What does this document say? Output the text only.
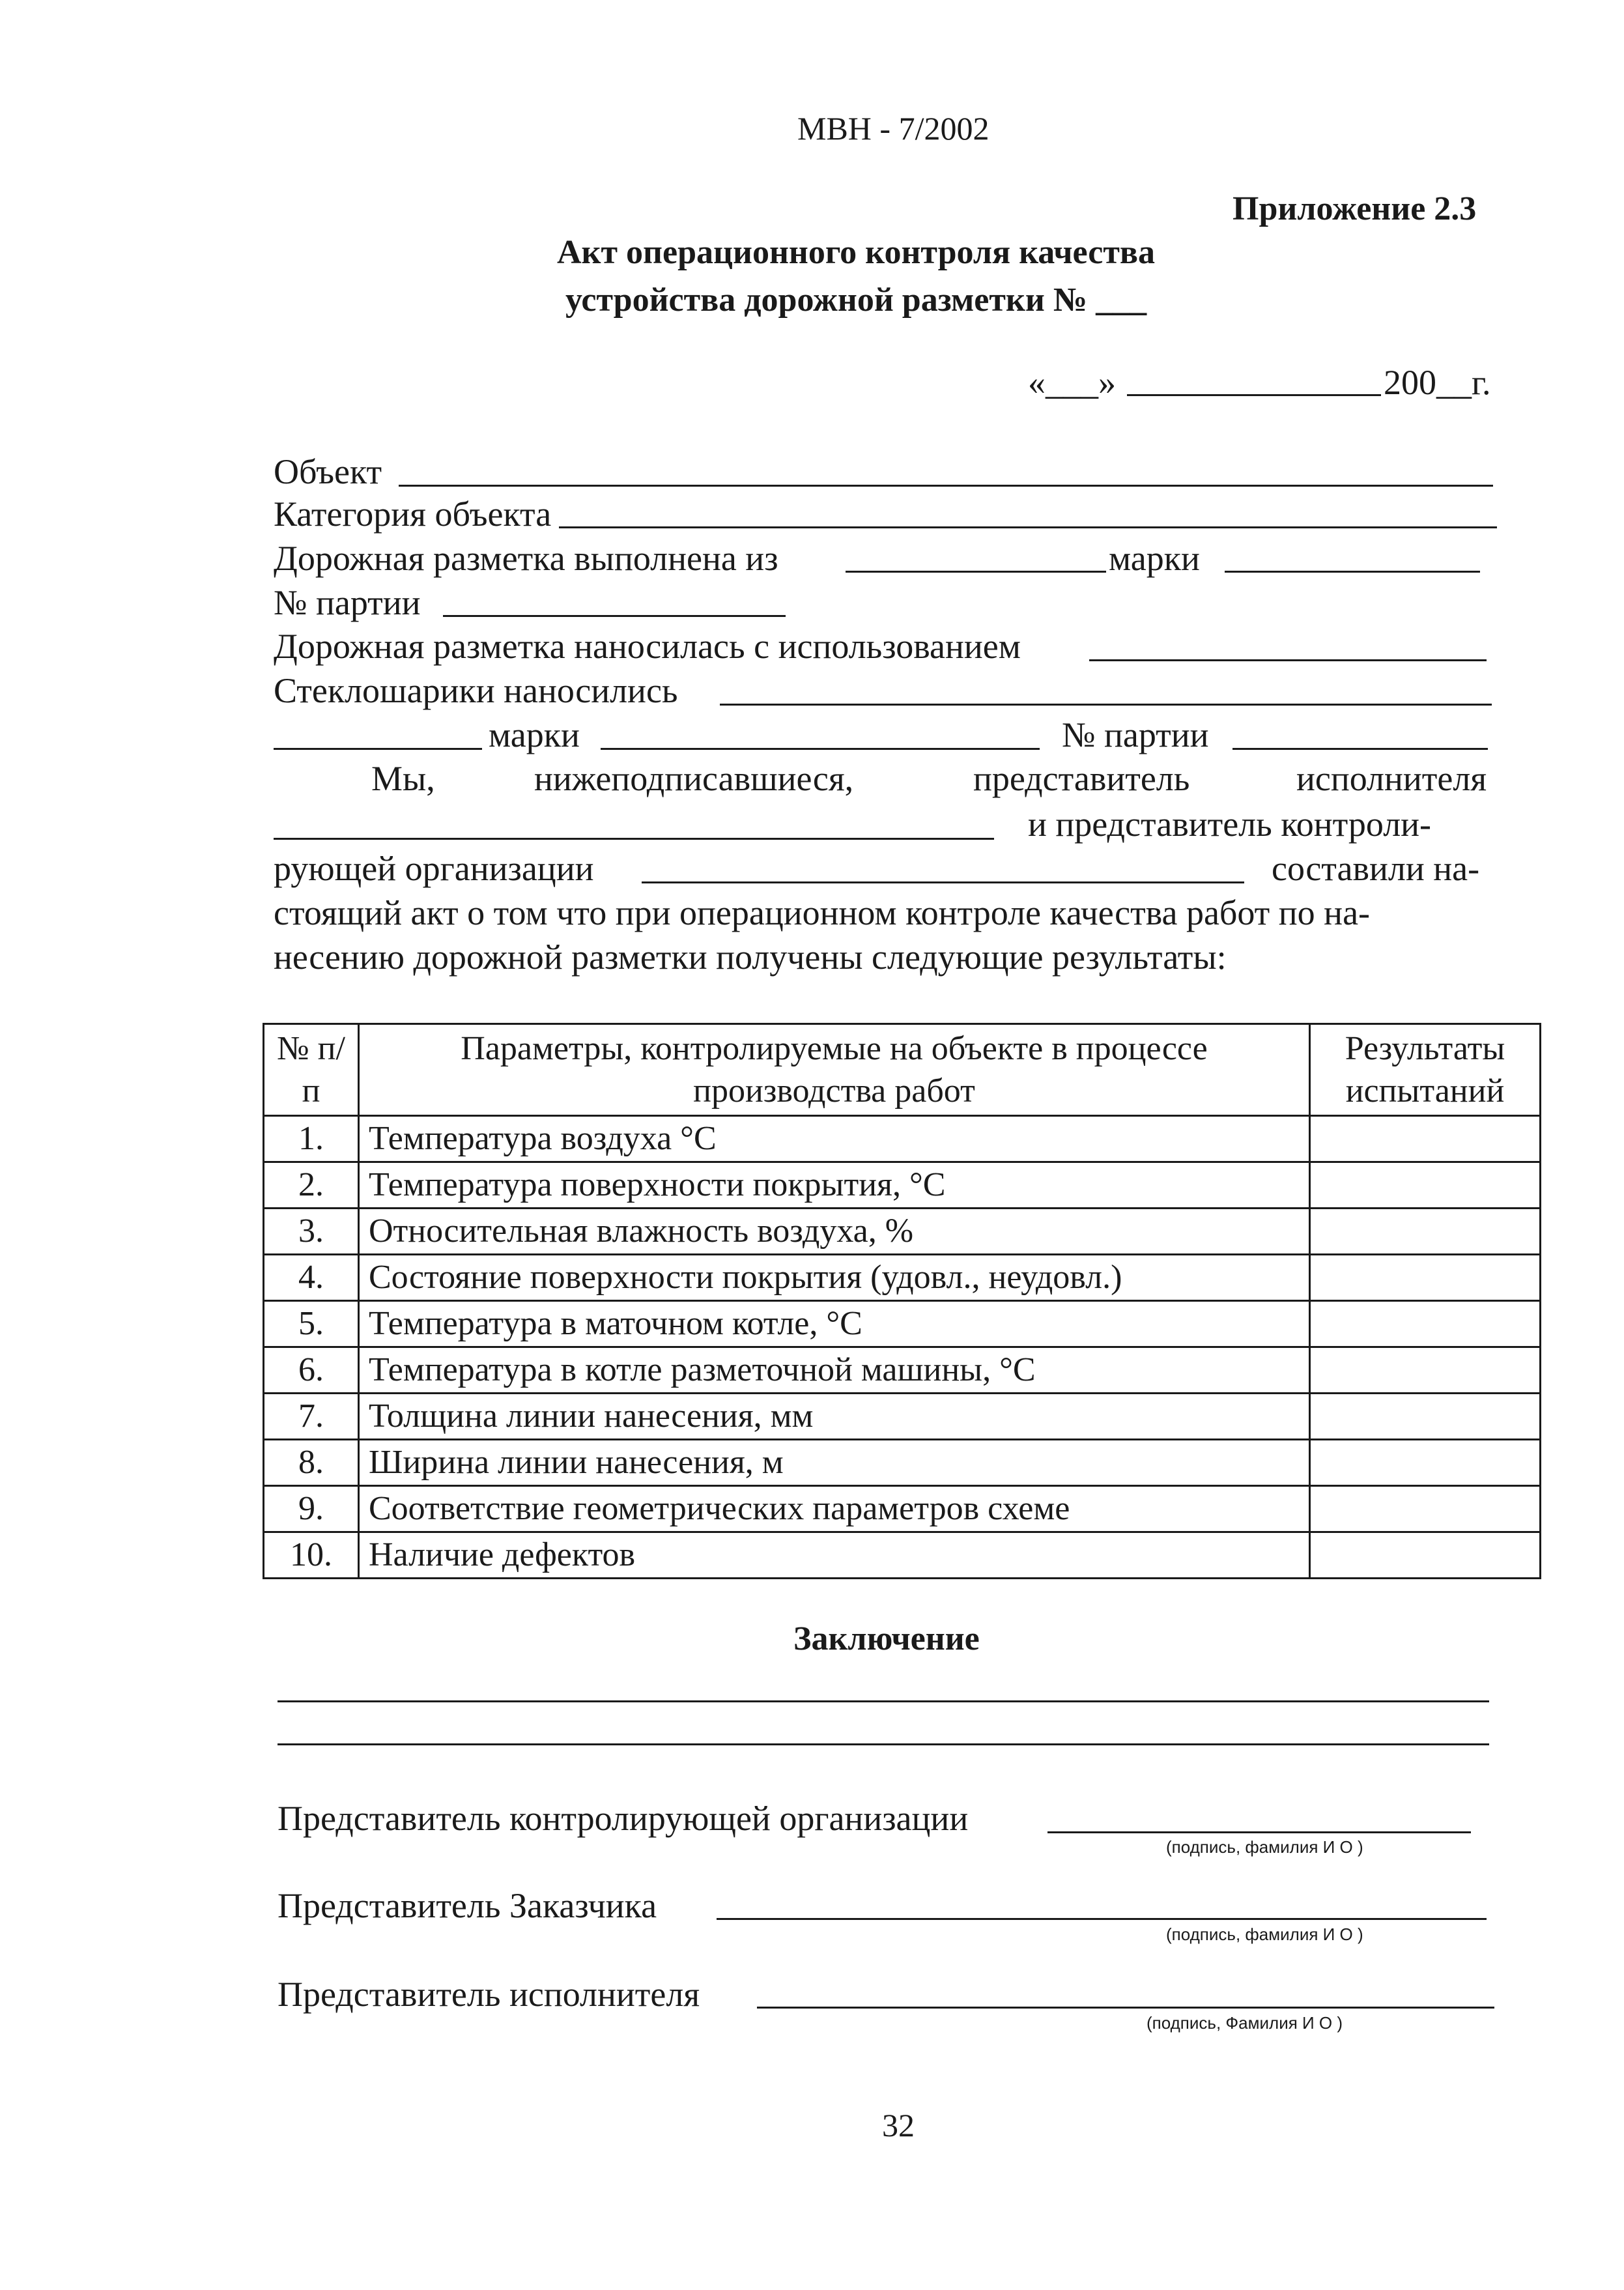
МВН - 7/2002
Приложение 2.3
Акт операционного контроля качества
устройства дорожной разметки № ___
«___»	200__г.
Объект
Категория объекта
Дорожная разметка выполнена из	марки
№ партии
Дорожная разметка наносилась с использованием
Стеклошарики наносились
марки	№ партии
Мы,	нижеподписавшиеся,	представитель	исполнителя
и представитель контроли-
рующей организации	составили на-
стоящий акт о том что при операционном контроле качества работ по на-
несению дорожной разметки получены следующие результаты:
№ п/п	Параметры, контролируемые на объекте в процессе производства работ	Результаты испытаний
1.	Температура воздуха °С	
2.	Температура поверхности покрытия, °С	
3.	Относительная влажность воздуха, %	
4.	Состояние поверхности покрытия (удовл., неудовл.)	
5.	Температура в маточном котле, °С	
6.	Температура в котле разметочной машины, °С	
7.	Толщина линии нанесения, мм	
8.	Ширина линии нанесения, м	
9.	Соответствие геометрических параметров схеме	
10.	Наличие дефектов	
Заключение
Представитель контролирующей организации
(подпись, фамилия И О )
Представитель Заказчика
(подпись, фамилия И О )
Представитель исполнителя
(подпись, Фамилия И О )
32
